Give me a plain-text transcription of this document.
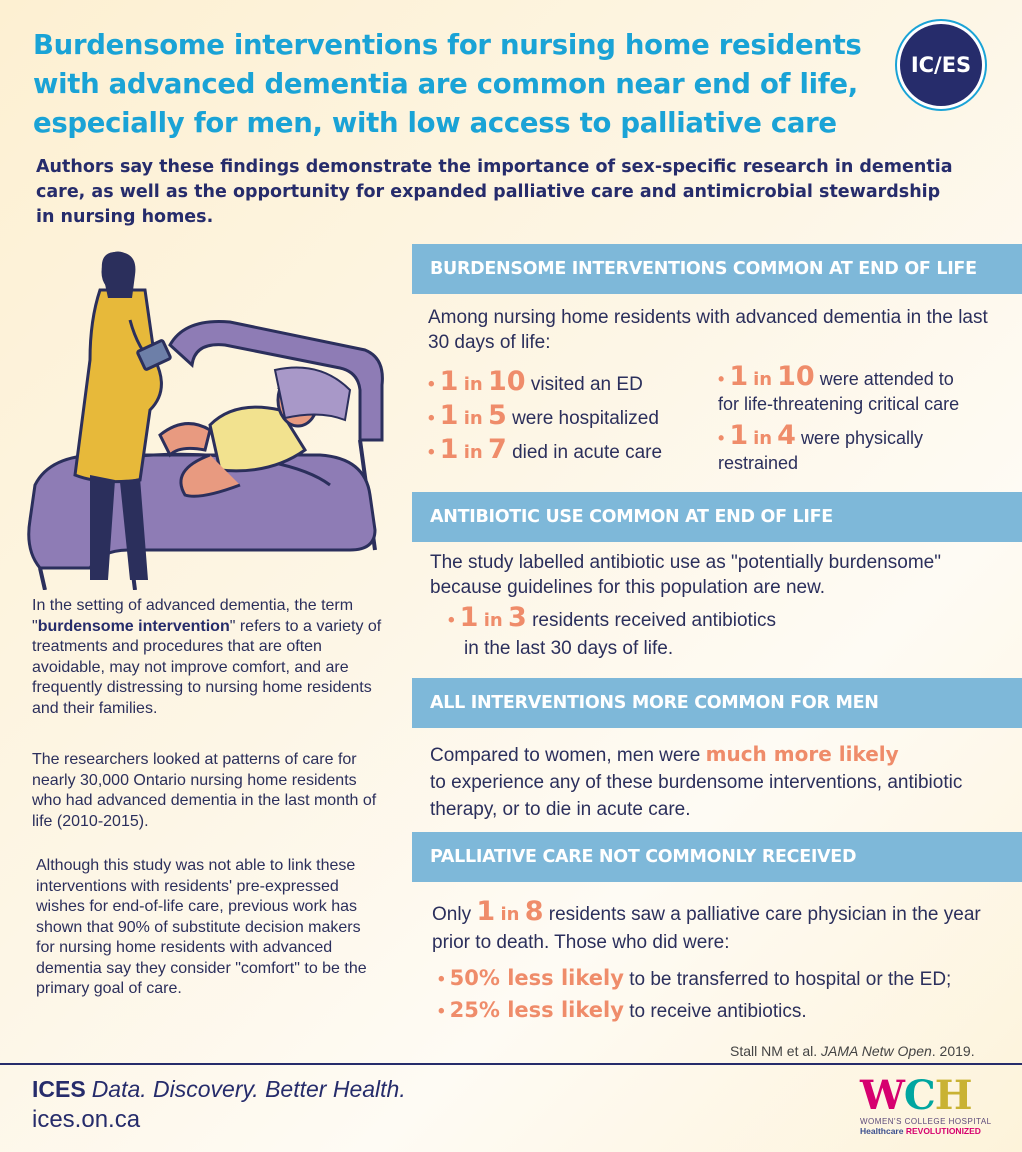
Burdensome interventions for nursing home residents with advanced dementia are common near end of life, especially for men, with low access to palliative care
IC/ES

Authors say these findings demonstrate the importance of sex-specific research in dementia care, as well as the opportunity for expanded palliative care and antimicrobial stewardship in nursing homes.

In the setting of advanced dementia, the term "burdensome intervention" refers to a variety of treatments and procedures that are often avoidable, may not improve comfort, and are frequently distressing to nursing home residents and their families.

The researchers looked at patterns of care for nearly 30,000 Ontario nursing home residents who had advanced dementia in the last month of life (2010-2015).

Although this study was not able to link these interventions with residents' pre-expressed wishes for end-of-life care, previous work has shown that 90% of substitute decision makers for nursing home residents with advanced dementia say they consider "comfort" to be the primary goal of care.

BURDENSOME INTERVENTIONS COMMON AT END OF LIFE

Among nursing home residents with advanced dementia in the last 30 days of life:

• 1 in 10 visited an ED
• 1 in 5 were hospitalized
• 1 in 7 died in acute care
• 1 in 10 were attended to
for life-threatening critical care
• 1 in 4 were physically
restrained
ANTIBIOTIC USE COMMON AT END OF LIFE

The study labelled antibiotic use as "potentially burdensome" because guidelines for this population are new.

• 1 in 3 residents received antibiotics
in the last 30 days of life.
ALL INTERVENTIONS MORE COMMON FOR MEN

Compared to women, men were much more likely
to experience any of these burdensome interventions, antibiotic therapy, or to die in acute care.

PALLIATIVE CARE NOT COMMONLY RECEIVED

Only 1 in 8 residents saw a palliative care physician in the year prior to death. Those who did were:

• 50% less likely to be transferred to hospital or the ED;
• 25% less likely to receive antibiotics.
Stall NM et al. JAMA Netw Open. 2019.
ICES Data. Discovery. Better Health.
ices.on.ca
WCH
WOMEN'S COLLEGE HOSPITAL
Healthcare REVOLUTIONIZED
